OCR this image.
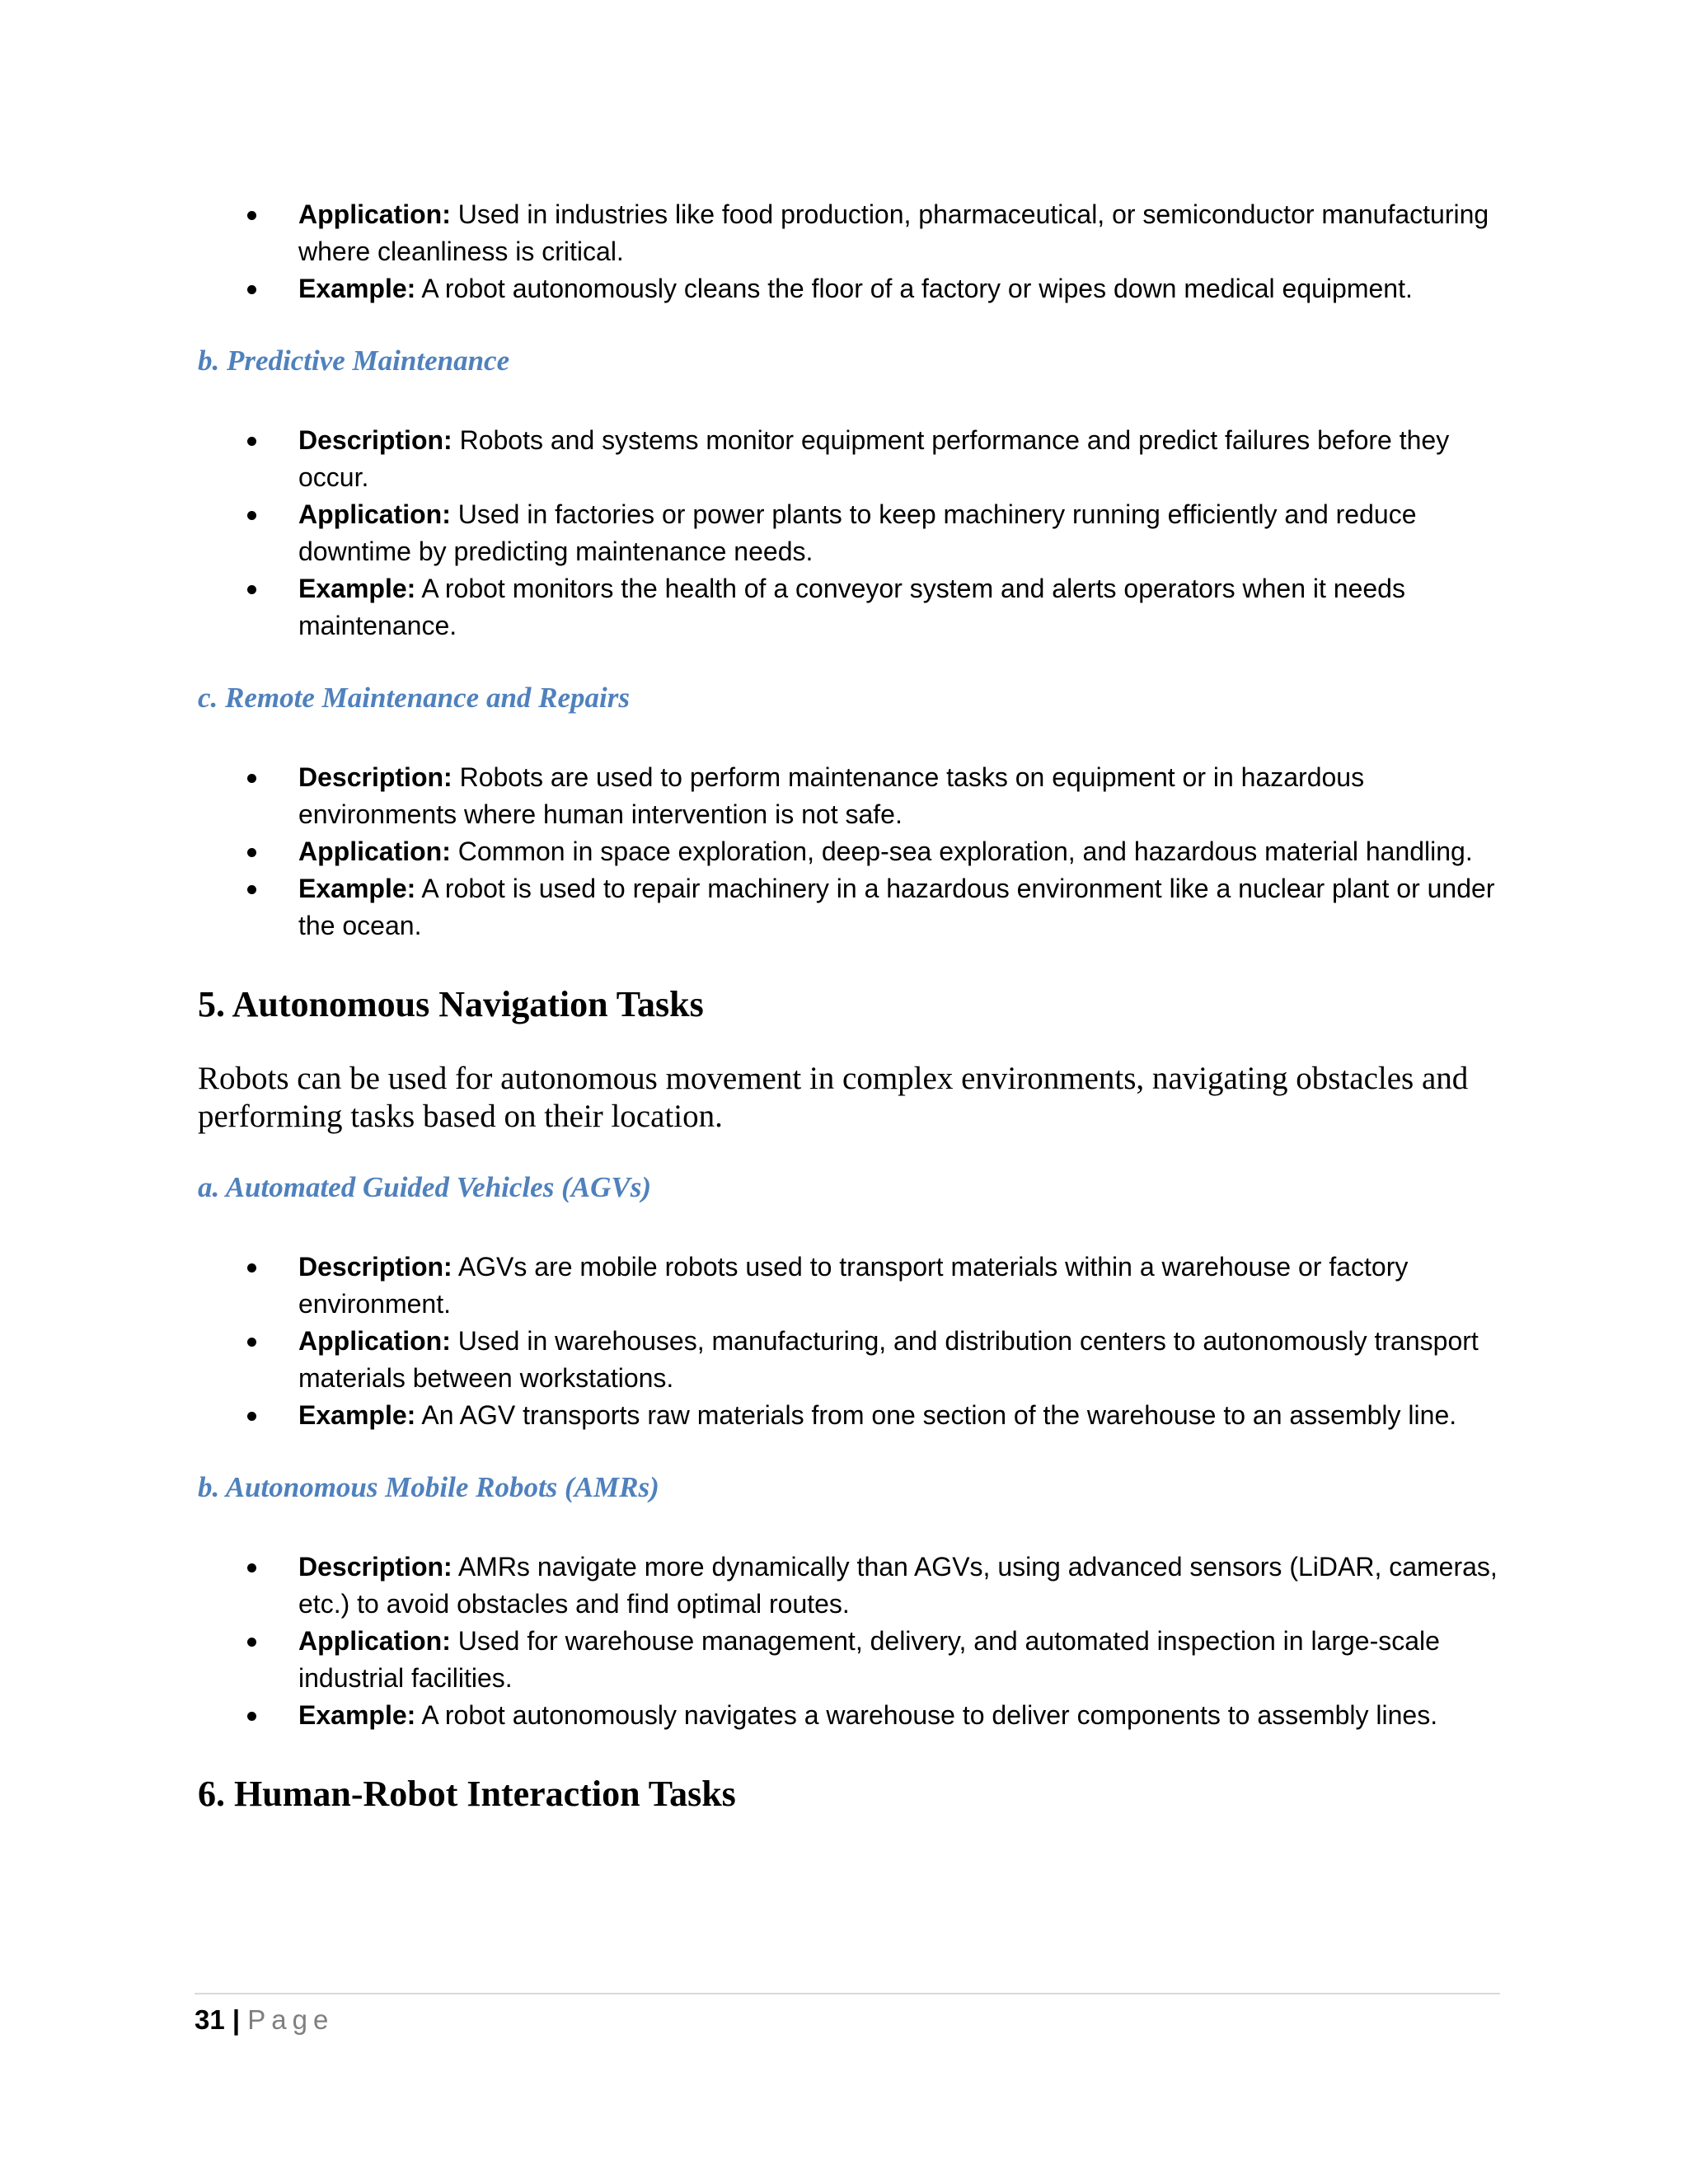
Application: Used in industries like food production, pharmaceutical, or semiconductor manufacturing where cleanliness is critical.
Example: A robot autonomously cleans the floor of a factory or wipes down medical equipment.
b. Predictive Maintenance
Description: Robots and systems monitor equipment performance and predict failures before they occur.
Application: Used in factories or power plants to keep machinery running efficiently and reduce downtime by predicting maintenance needs.
Example: A robot monitors the health of a conveyor system and alerts operators when it needs maintenance.
c. Remote Maintenance and Repairs
Description: Robots are used to perform maintenance tasks on equipment or in hazardous environments where human intervention is not safe.
Application: Common in space exploration, deep-sea exploration, and hazardous material handling.
Example: A robot is used to repair machinery in a hazardous environment like a nuclear plant or under the ocean.
5. Autonomous Navigation Tasks

Robots can be used for autonomous movement in complex environments, navigating obstacles and performing tasks based on their location.

a. Automated Guided Vehicles (AGVs)
Description: AGVs are mobile robots used to transport materials within a warehouse or factory environment.
Application: Used in warehouses, manufacturing, and distribution centers to autonomously transport materials between workstations.
Example: An AGV transports raw materials from one section of the warehouse to an assembly line.
b. Autonomous Mobile Robots (AMRs)
Description: AMRs navigate more dynamically than AGVs, using advanced sensors (LiDAR, cameras, etc.) to avoid obstacles and find optimal routes.
Application: Used for warehouse management, delivery, and automated inspection in large-scale industrial facilities.
Example: A robot autonomously navigates a warehouse to deliver components to assembly lines.
6. Human-Robot Interaction Tasks
31 | Page
